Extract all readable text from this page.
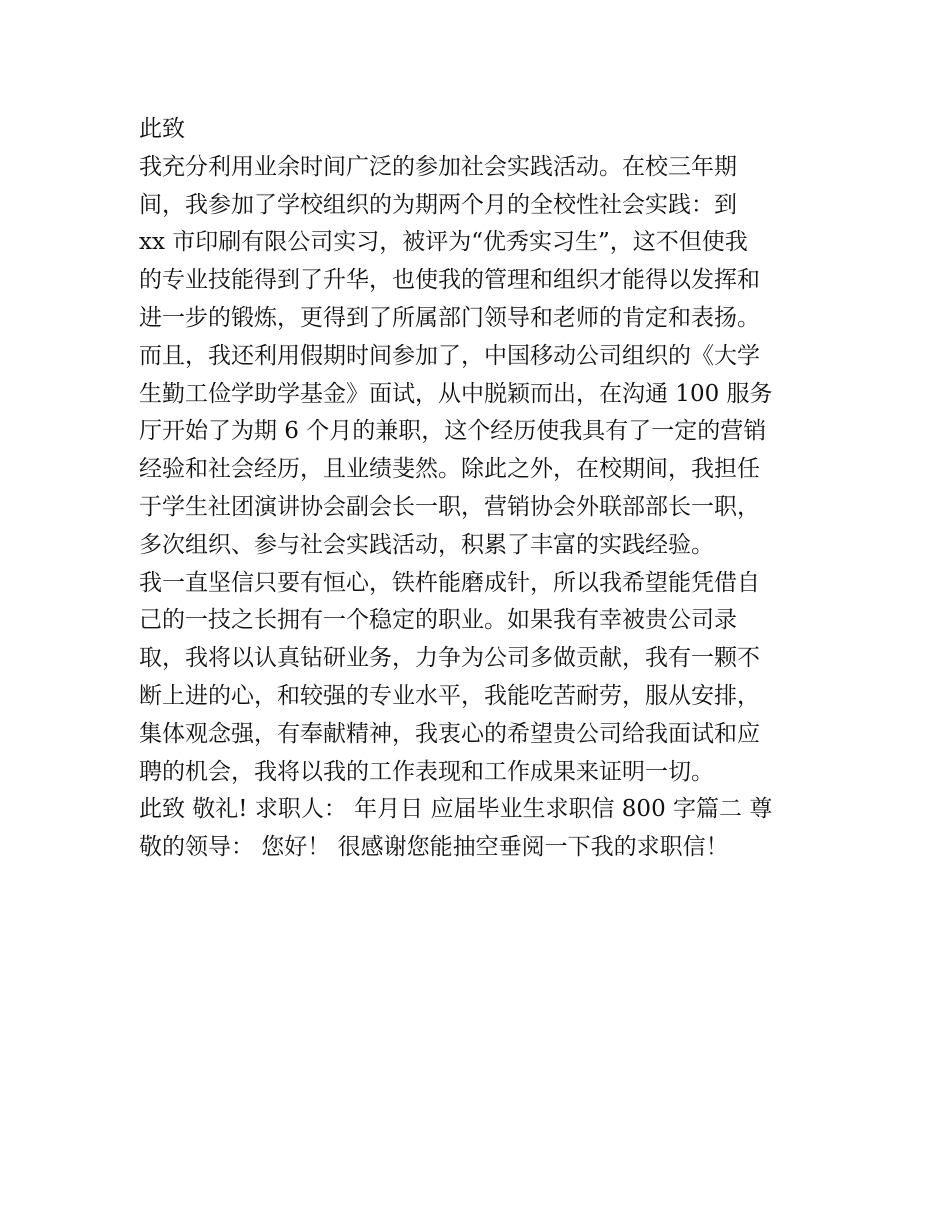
此致
我充分利用业余时间广泛的参加社会实践活动。在校三年期
间，我参加了学校组织的为期两个月的全校性社会实践：到
xx 市印刷有限公司实习，被评为“优秀实习生”，这不但使我
的专业技能得到了升华，也使我的管理和组织才能得以发挥和
进一步的锻炼，更得到了所属部门领导和老师的肯定和表扬。
而且，我还利用假期时间参加了，中国移动公司组织的《大学
生勤工俭学助学基金》面试，从中脱颖而出，在沟通 100 服务
厅开始了为期 6 个月的兼职，这个经历使我具有了一定的营销
经验和社会经历，且业绩斐然。除此之外，在校期间，我担任
于学生社团演讲协会副会长一职，营销协会外联部部长一职，
多次组织、参与社会实践活动，积累了丰富的实践经验。
我一直坚信只要有恒心，铁杵能磨成针，所以我希望能凭借自
己的一技之长拥有一个稳定的职业。如果我有幸被贵公司录
取，我将以认真钻研业务，力争为公司多做贡献，我有一颗不
断上进的心，和较强的专业水平，我能吃苦耐劳，服从安排，
集体观念强，有奉献精神，我衷心的希望贵公司给我面试和应
聘的机会，我将以我的工作表现和工作成果来证明一切。
此致 敬礼! 求职人： 年月日 应届毕业生求职信 800 字篇二 尊
敬的领导： 您好！ 很感谢您能抽空垂阅一下我的求职信！
